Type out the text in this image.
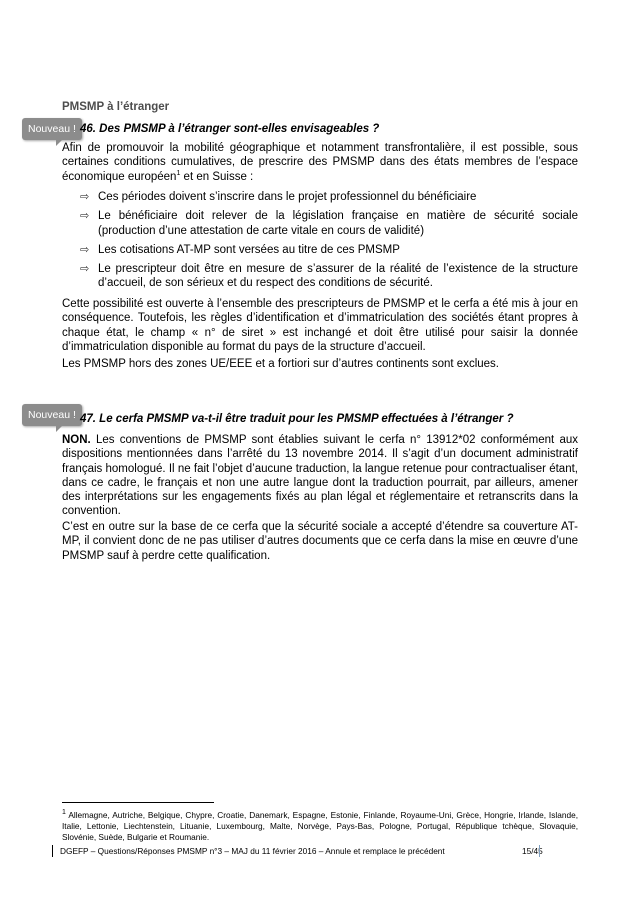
PMSMP à l’étranger
Nouveau ! 46. Des PMSMP à l’étranger sont-elles envisageables ?

Afin de promouvoir la mobilité géographique et notamment transfrontalière, il est possible, sous certaines conditions cumulatives, de prescrire des PMSMP dans des états membres de l’espace économique européen$^1$ et en Suisse :

⇨ Ces périodes doivent s’inscrire dans le projet professionnel du bénéficiaire
⇨ Le bénéficiaire doit relever de la législation française en matière de sécurité sociale (production d’une attestation de carte vitale en cours de validité)
⇨ Les cotisations AT-MP sont versées au titre de ces PMSMP
⇨ Le prescripteur doit être en mesure de s’assurer de la réalité de l’existence de la structure d’accueil, de son sérieux et du respect des conditions de sécurité.

Cette possibilité est ouverte à l’ensemble des prescripteurs de PMSMP et le cerfa a été mis à jour en conséquence. Toutefois, les règles d’identification et d’immatriculation des sociétés étant propres à chaque état, le champ « n° de siret » est inchangé et doit être utilisé pour saisir la donnée d’immatriculation disponible au format du pays de la structure d’accueil.

Les PMSMP hors des zones UE/EEE et a fortiori sur d’autres continents sont exclues.

Nouveau ! 47. Le cerfa PMSMP va-t-il être traduit pour les PMSMP effectuées à l’étranger ?

NON. Les conventions de PMSMP sont établies suivant le cerfa n° 13912*02 conformément aux dispositions mentionnées dans l’arrêté du 13 novembre 2014. Il s’agit d’un document administratif français homologué. Il ne fait l’objet d’aucune traduction, la langue retenue pour contractualiser étant, dans ce cadre, le français et non une autre langue dont la traduction pourrait, par ailleurs, amener des interprétations sur les engagements fixés au plan légal et réglementaire et retranscrits dans la convention.

C’est en outre sur la base de ce cerfa que la sécurité sociale a accepté d’étendre sa couverture AT-MP, il convient donc de ne pas utiliser d’autres documents que ce cerfa dans la mise en œuvre d’une PMSMP sauf à perdre cette qualification.

$^1$ Allemagne, Autriche, Belgique, Chypre, Croatie, Danemark, Espagne, Estonie, Finlande, Royaume-Uni, Grèce, Hongrie, Irlande, Islande, Italie, Lettonie, Liechtenstein, Lituanie, Luxembourg, Malte, Norvège, Pays-Bas, Pologne, Portugal, République tchèque, Slovaquie, Slovénie, Suède, Bulgarie et Roumanie.

DGEFP – Questions/Réponses PMSMP n°3 – MAJ du 11 février 2016 – Annule et remplace le précédent	15/45
